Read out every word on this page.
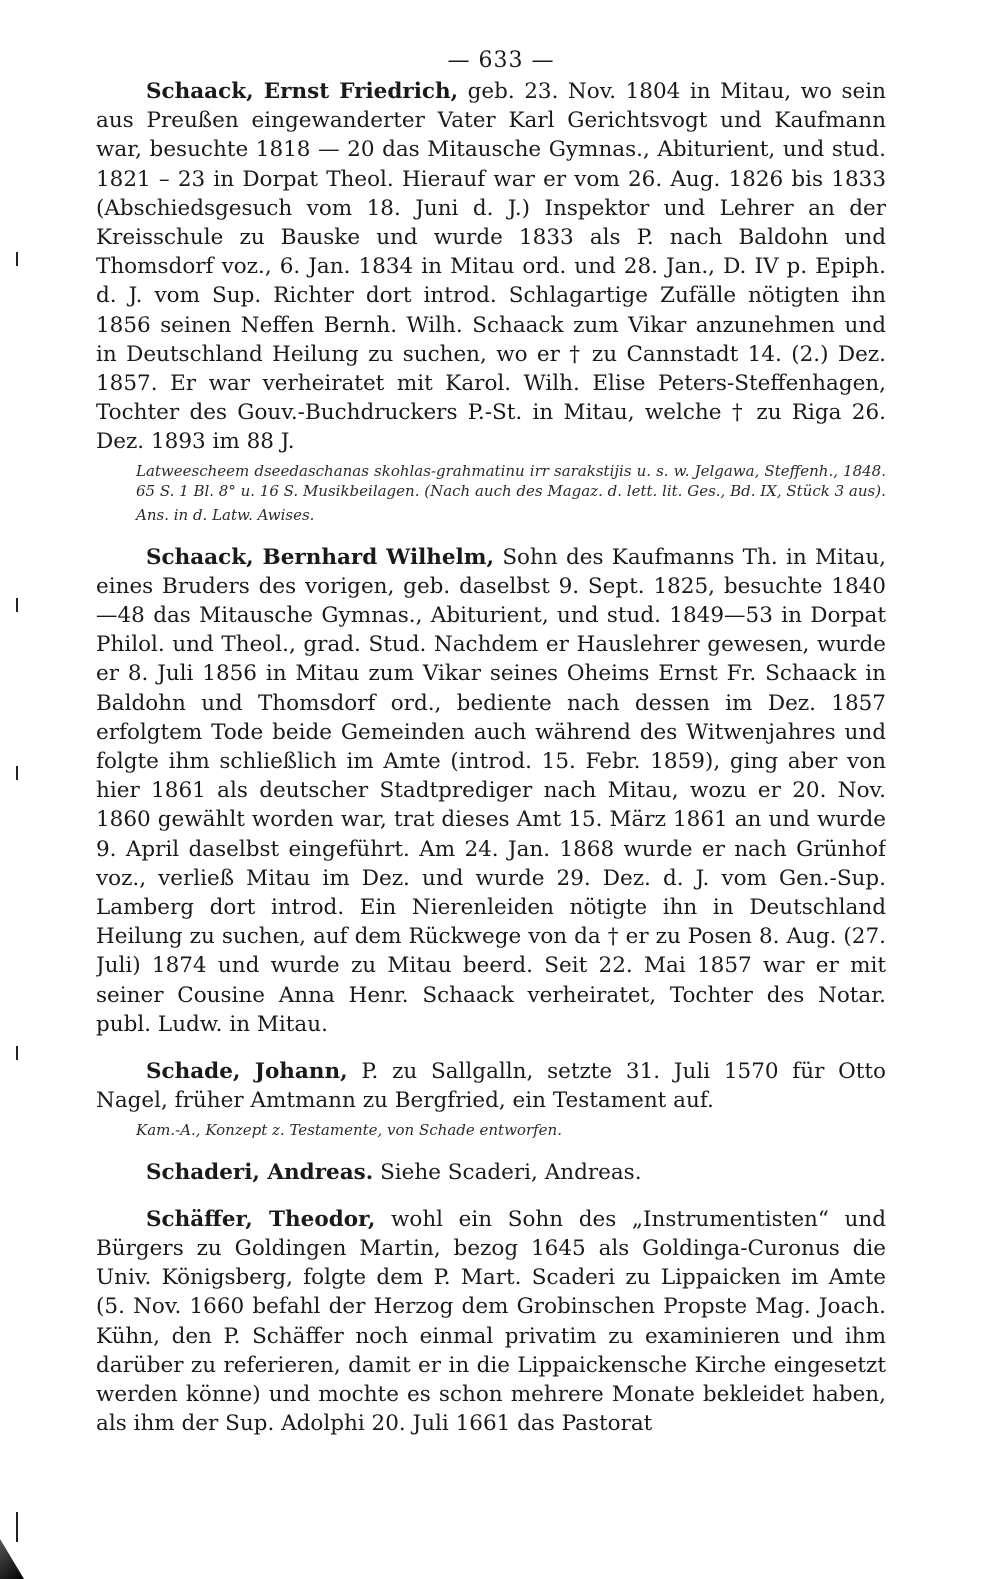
— 633 —

Schaack, Ernst Friedrich, geb. 23. Nov. 1804 in Mitau, wo sein aus Preußen eingewanderter Vater Karl Gerichtsvogt und Kaufmann war, besuchte 1818 — 20 das Mitausche Gymnas., Abiturient, und stud. 1821 – 23 in Dorpat Theol. Hierauf war er vom 26. Aug. 1826 bis 1833 (Abschiedsgesuch vom 18. Juni d. J.) Inspektor und Lehrer an der Kreisschule zu Bauske und wurde 1833 als P. nach Baldohn und Thomsdorf voz., 6. Jan. 1834 in Mitau ord. und 28. Jan., D. IV p. Epiph. d. J. vom Sup. Richter dort introd. Schlagartige Zufälle nötigten ihn 1856 seinen Neffen Bernh. Wilh. Schaack zum Vikar anzunehmen und in Deutschland Heilung zu suchen, wo er † zu Cannstadt 14. (2.) Dez. 1857. Er war verheiratet mit Karol. Wilh. Elise Peters-Steffenhagen, Tochter des Gouv.-Buchdruckers P.-St. in Mitau, welche † zu Riga 26. Dez. 1893 im 88 J.

Latweescheem dseedaschanas skohlas-grahmatinu irr sarakstijis u. s. w. Jelgawa, Steffenh., 1848. 65 S. 1 Bl. 8° u. 16 S. Musikbeilagen. (Nach auch des Magaz. d. lett. lit. Ges., Bd. IX, Stück 3 aus).

Ans. in d. Latw. Awises.

Schaack, Bernhard Wilhelm, Sohn des Kaufmanns Th. in Mitau, eines Bruders des vorigen, geb. daselbst 9. Sept. 1825, besuchte 1840—48 das Mitausche Gymnas., Abiturient, und stud. 1849—53 in Dorpat Philol. und Theol., grad. Stud. Nachdem er Hauslehrer gewesen, wurde er 8. Juli 1856 in Mitau zum Vikar seines Oheims Ernst Fr. Schaack in Baldohn und Thomsdorf ord., bediente nach dessen im Dez. 1857 erfolgtem Tode beide Gemeinden auch während des Witwenjahres und folgte ihm schließlich im Amte (introd. 15. Febr. 1859), ging aber von hier 1861 als deutscher Stadtprediger nach Mitau, wozu er 20. Nov. 1860 gewählt worden war, trat dieses Amt 15. März 1861 an und wurde 9. April daselbst eingeführt. Am 24. Jan. 1868 wurde er nach Grünhof voz., verließ Mitau im Dez. und wurde 29. Dez. d. J. vom Gen.-Sup. Lamberg dort introd. Ein Nierenleiden nötigte ihn in Deutschland Heilung zu suchen, auf dem Rückwege von da † er zu Posen 8. Aug. (27. Juli) 1874 und wurde zu Mitau beerd. Seit 22. Mai 1857 war er mit seiner Cousine Anna Henr. Schaack verheiratet, Tochter des Notar. publ. Ludw. in Mitau.

Schade, Johann, P. zu Sallgalln, setzte 31. Juli 1570 für Otto Nagel, früher Amtmann zu Bergfried, ein Testament auf.

Kam.-A., Konzept z. Testamente, von Schade entworfen.

Schaderi, Andreas. Siehe Scaderi, Andreas.

Schäffer, Theodor, wohl ein Sohn des „Instrumentisten“ und Bürgers zu Goldingen Martin, bezog 1645 als Goldinga-Curonus die Univ. Königsberg, folgte dem P. Mart. Scaderi zu Lippaicken im Amte (5. Nov. 1660 befahl der Herzog dem Grobinschen Propste Mag. Joach. Kühn, den P. Schäffer noch einmal privatim zu examinieren und ihm darüber zu referieren, damit er in die Lippaickensche Kirche eingesetzt werden könne) und mochte es schon mehrere Monate bekleidet haben, als ihm der Sup. Adolphi 20. Juli 1661 das Pastorat
